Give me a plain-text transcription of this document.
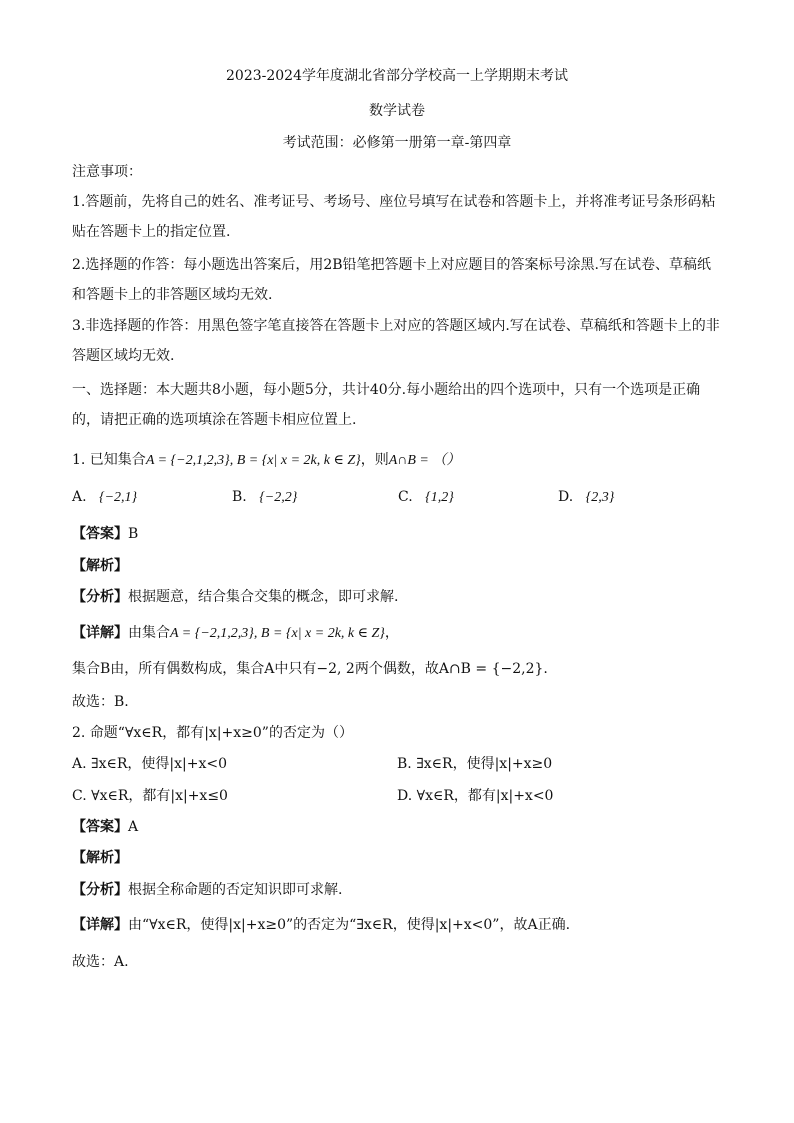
2023-2024学年度湖北省部分学校高一上学期期末考试
数学试卷
考试范围：必修第一册第一章-第四章
注意事项：
1.答题前，先将自己的姓名、准考证号、考场号、座位号填写在试卷和答题卡上，并将准考证号条形码粘
贴在答题卡上的指定位置.
2.选择题的作答：每小题选出答案后，用2B铅笔把答题卡上对应题目的答案标号涂黑.写在试卷、草稿纸
和答题卡上的非答题区域均无效.
3.非选择题的作答：用黑色签字笔直接答在答题卡上对应的答题区域内.写在试卷、草稿纸和答题卡上的非
答题区域均无效.
一、选择题：本大题共8小题，每小题5分，共计40分.每小题给出的四个选项中，只有一个选项是正确
的，请把正确的选项填涂在答题卡相应位置上.
1. 已知集合A = {−2,1,2,3}, B = {x| x = 2k, k ∈ Z}，则A∩B = （）
A. {−2,1}	B. {−2,2}	C. {1,2}	D. {2,3}
【答案】B
【解析】
【分析】根据题意，结合集合交集的概念，即可求解.
【详解】由集合A = {−2,1,2,3}, B = {x| x = 2k, k ∈ Z}，
集合B由，所有偶数构成，集合A中只有−2, 2两个偶数，故A∩B = {−2,2}.
故选：B.
2. 命题“∀x∈R，都有|x|+x≥0”的否定为（）
A. ∃x∈R，使得|x|+x<0	B. ∃x∈R，使得|x|+x≥0
C. ∀x∈R，都有|x|+x≤0	D. ∀x∈R，都有|x|+x<0
【答案】A
【解析】
【分析】根据全称命题的否定知识即可求解.
【详解】由“∀x∈R，使得|x|+x≥0”的否定为“∃x∈R，使得|x|+x<0”，故A正确.
故选：A.
